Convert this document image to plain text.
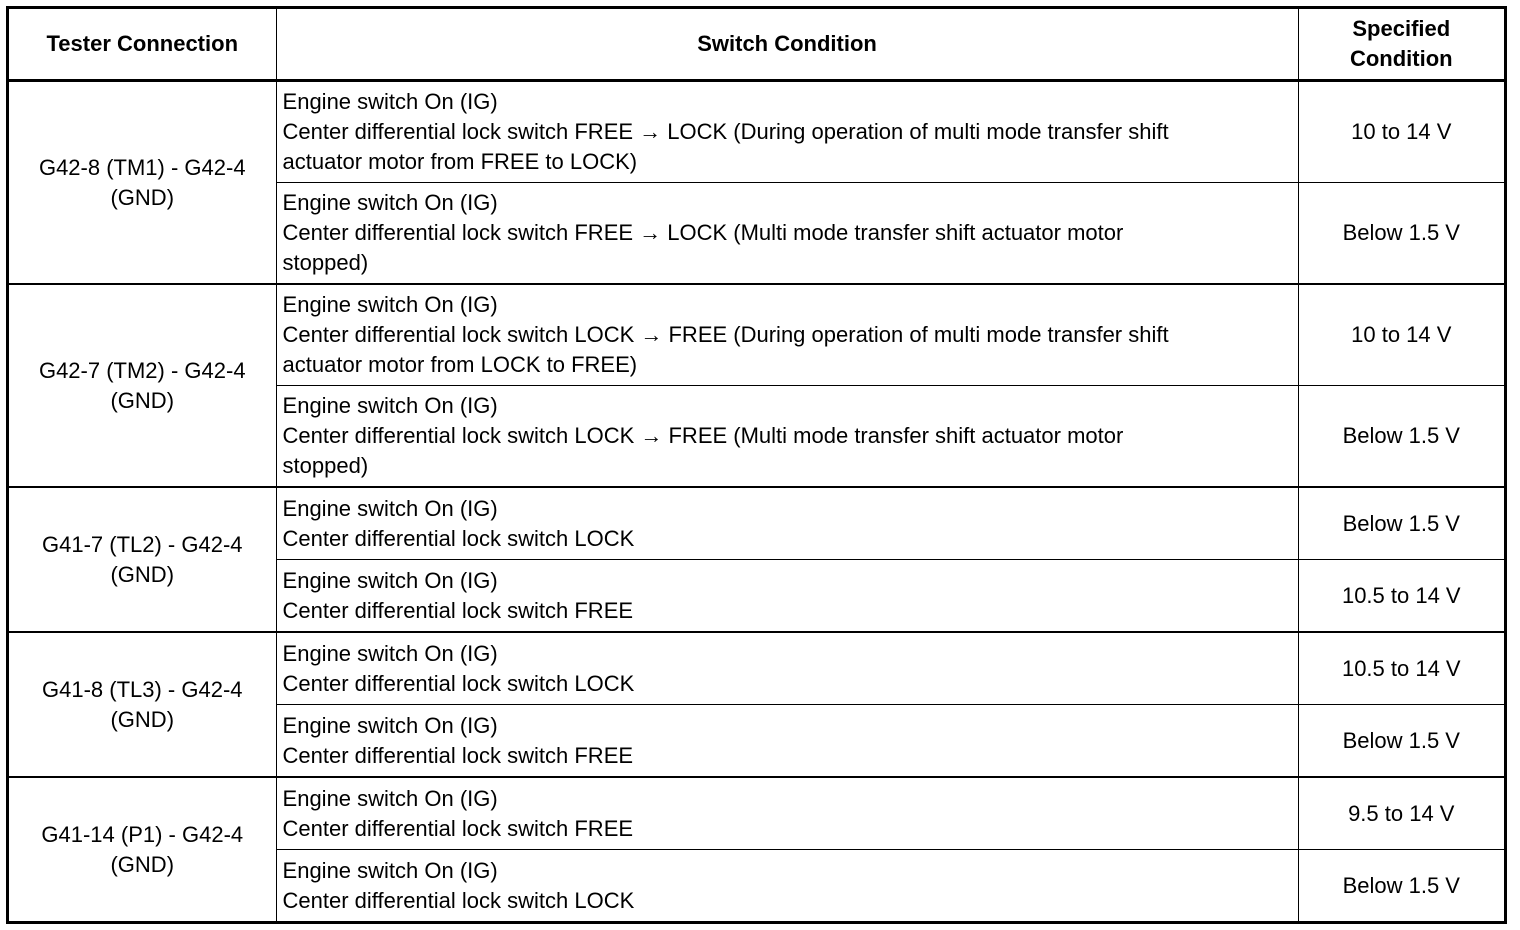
Tester Connection	Switch Condition	Specified
Condition

G42-8 (TM1) - G42-4
(GND)	Engine switch On (IG)
Center differential lock switch FREE → LOCK (During operation of multi mode transfer shift
actuator motor from FREE to LOCK)	10 to 14 V

	Engine switch On (IG)
Center differential lock switch FREE → LOCK (Multi mode transfer shift actuator motor
stopped)	Below 1.5 V

G42-7 (TM2) - G42-4
(GND)	Engine switch On (IG)
Center differential lock switch LOCK → FREE (During operation of multi mode transfer shift
actuator motor from LOCK to FREE)	10 to 14 V

	Engine switch On (IG)
Center differential lock switch LOCK → FREE (Multi mode transfer shift actuator motor
stopped)	Below 1.5 V

G41-7 (TL2) - G42-4
(GND)	Engine switch On (IG)
Center differential lock switch LOCK	Below 1.5 V

	Engine switch On (IG)
Center differential lock switch FREE	10.5 to 14 V

G41-8 (TL3) - G42-4
(GND)	Engine switch On (IG)
Center differential lock switch LOCK	10.5 to 14 V

	Engine switch On (IG)
Center differential lock switch FREE	Below 1.5 V

G41-14 (P1) - G42-4
(GND)	Engine switch On (IG)
Center differential lock switch FREE	9.5 to 14 V

	Engine switch On (IG)
Center differential lock switch LOCK	Below 1.5 V
